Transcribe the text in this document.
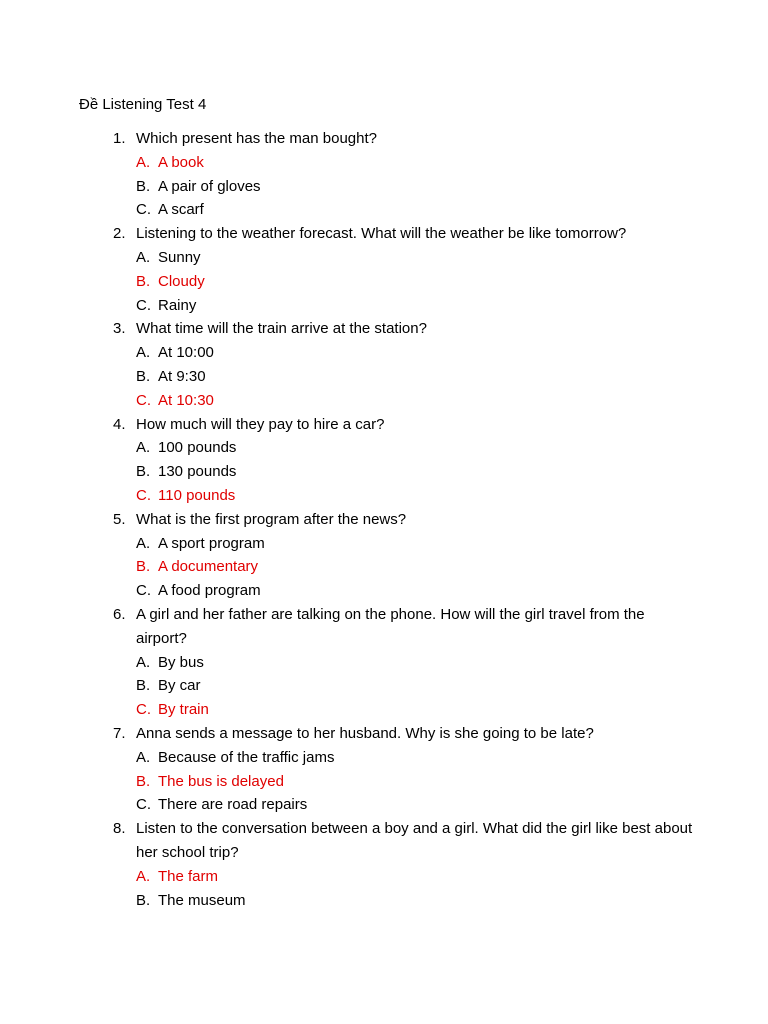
Đề Listening Test 4
1. Which present has the man bought?
A. A book
B. A pair of gloves
C. A scarf
2. Listening to the weather forecast. What will the weather be like tomorrow?
A. Sunny
B. Cloudy
C. Rainy
3. What time will the train arrive at the station?
A. At 10:00
B. At 9:30
C. At 10:30
4. How much will they pay to hire a car?
A. 100 pounds
B. 130 pounds
C. 110 pounds
5. What is the first program after the news?
A. A sport program
B. A documentary
C. A food program
6. A girl and her father are talking on the phone. How will the girl travel from the airport?
A. By bus
B. By car
C. By train
7. Anna sends a message to her husband. Why is she going to be late?
A. Because of the traffic jams
B. The bus is delayed
C. There are road repairs
8. Listen to the conversation between a boy and a girl. What did the girl like best about her school trip?
A. The farm
B. The museum
